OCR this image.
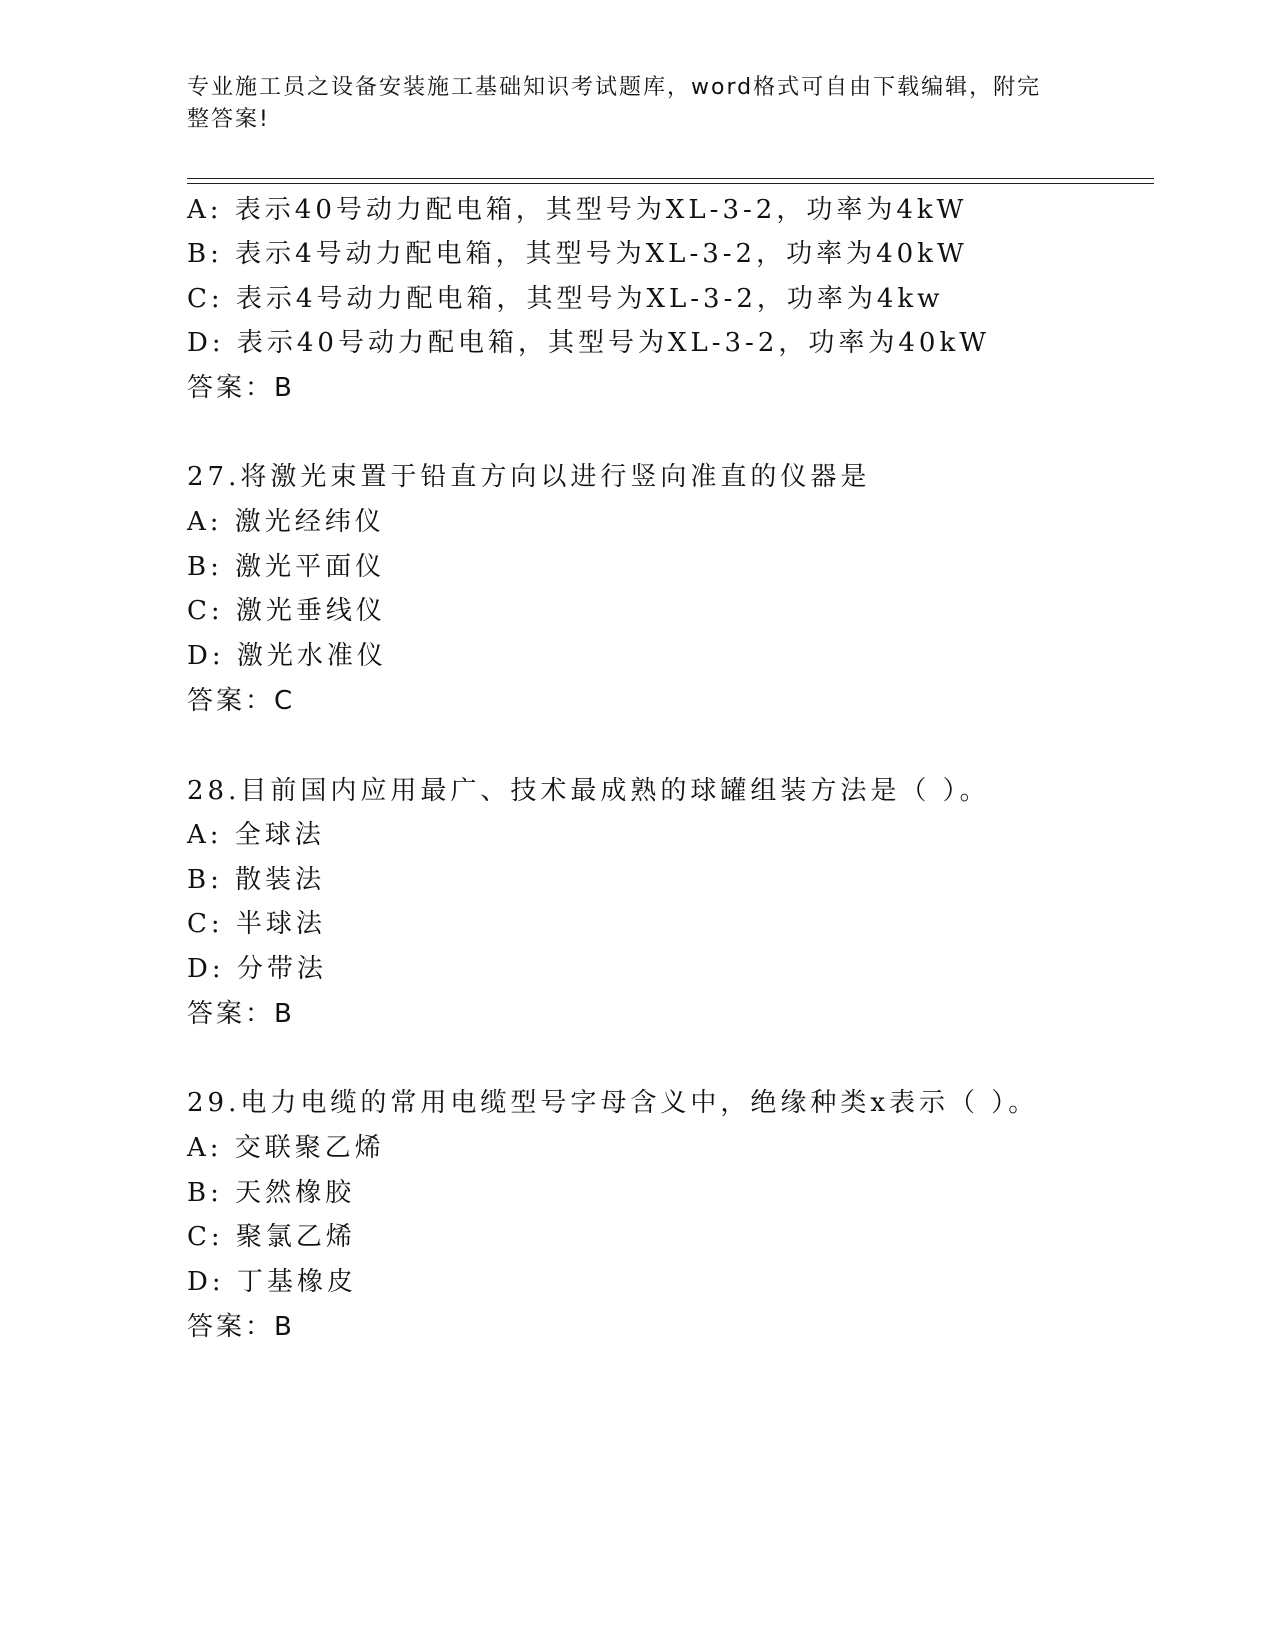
专业施工员之设备安装施工基础知识考试题库，word格式可自由下载编辑，附完
整答案!
A: 表示40号动力配电箱，其型号为XL-3-2，功率为4kW
B: 表示4号动力配电箱，其型号为XL-3-2，功率为40kW
C: 表示4号动力配电箱，其型号为XL-3-2，功率为4kw
D: 表示40号动力配电箱，其型号为XL-3-2，功率为40kW
答案：B
27.将激光束置于铅直方向以进行竖向准直的仪器是
A: 激光经纬仪
B: 激光平面仪
C: 激光垂线仪
D: 激光水准仪
答案：C
28.目前国内应用最广、技术最成熟的球罐组装方法是（ ）。
A: 全球法
B: 散装法
C: 半球法
D: 分带法
答案：B
29.电力电缆的常用电缆型号字母含义中，绝缘种类x表示（ ）。
A: 交联聚乙烯
B: 天然橡胶
C: 聚氯乙烯
D: 丁基橡皮
答案：B
